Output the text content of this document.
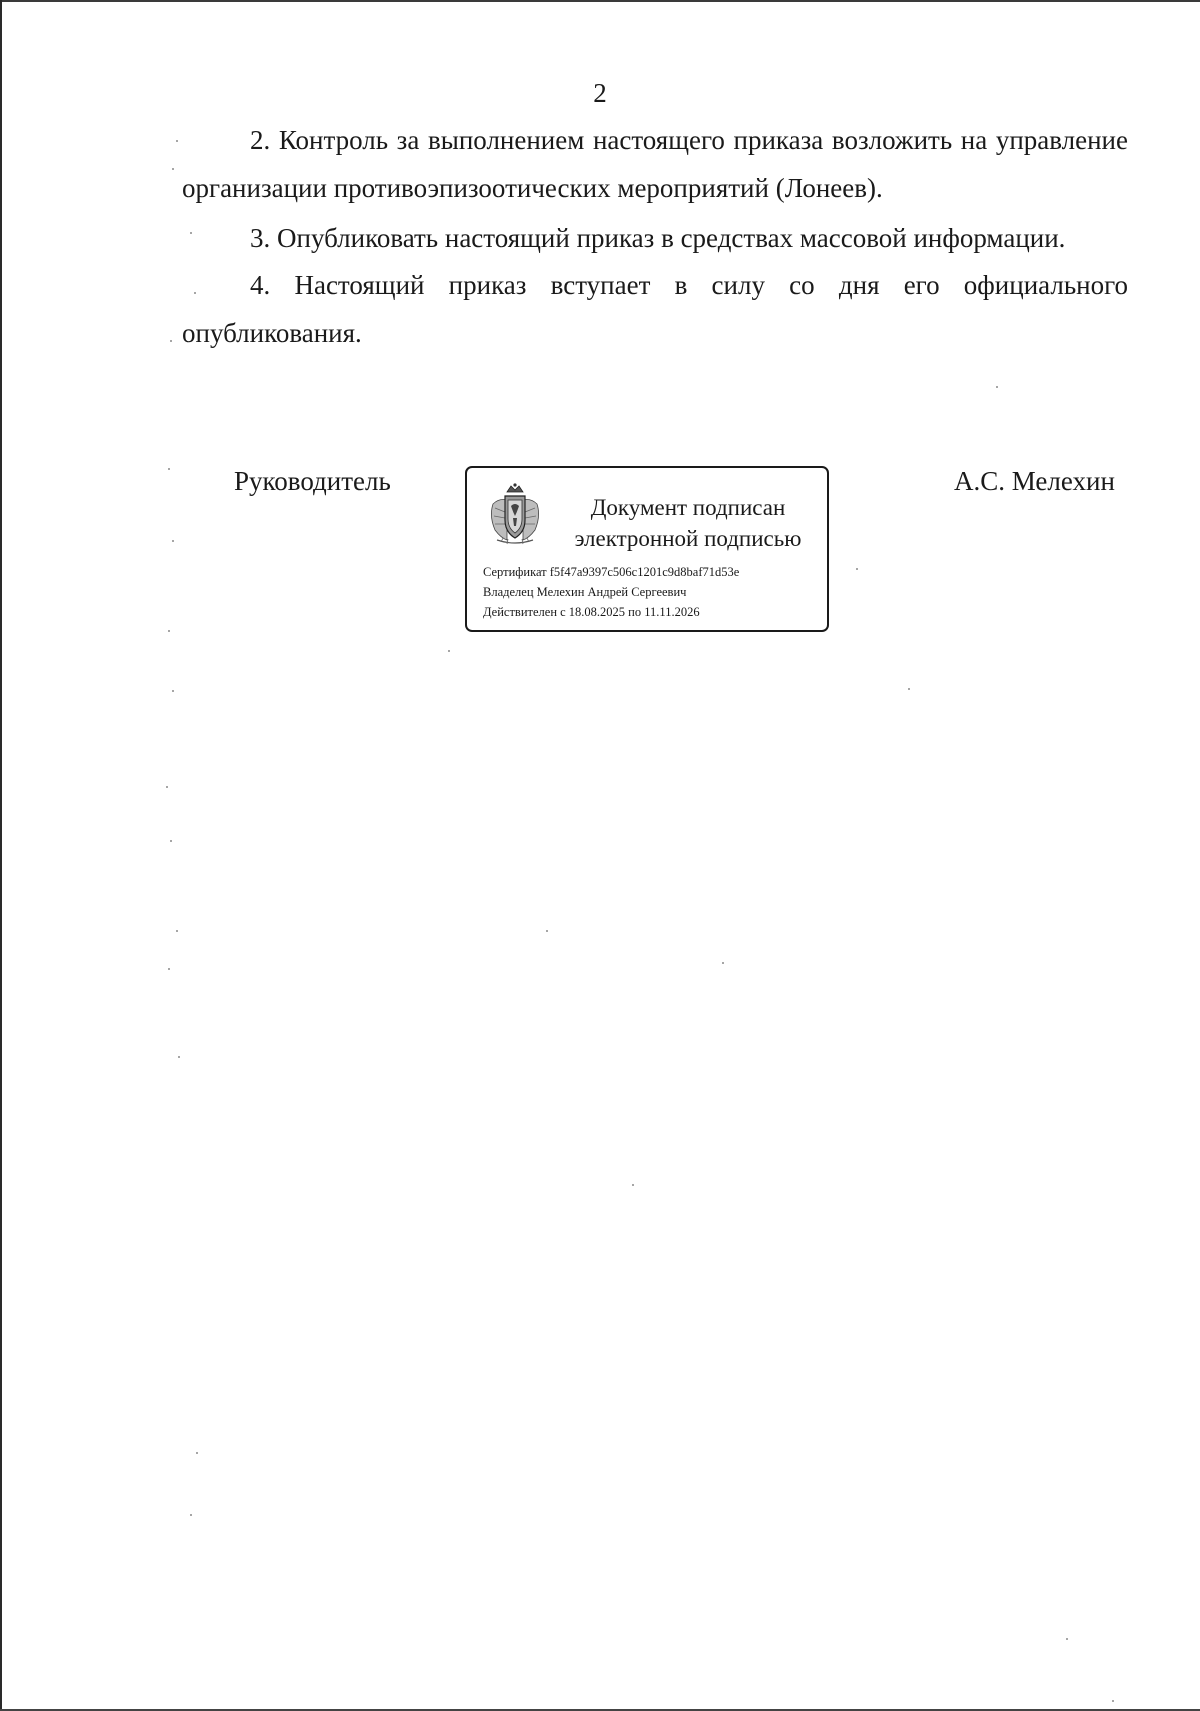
2
2. Контроль за выполнением настоящего приказа возложить на управление организации противоэпизоотических мероприятий (Лонеев).
3. Опубликовать настоящий приказ в средствах массовой информации.
4. Настоящий приказ вступает в силу со дня его официального опубликования.
Руководитель
Документ подписан
электронной подписью
Сертификат f5f47a9397c506c1201c9d8baf71d53e
Владелец Мелехин Андрей Сергеевич
Действителен с 18.08.2025 по 11.11.2026
А.С. Мелехин
